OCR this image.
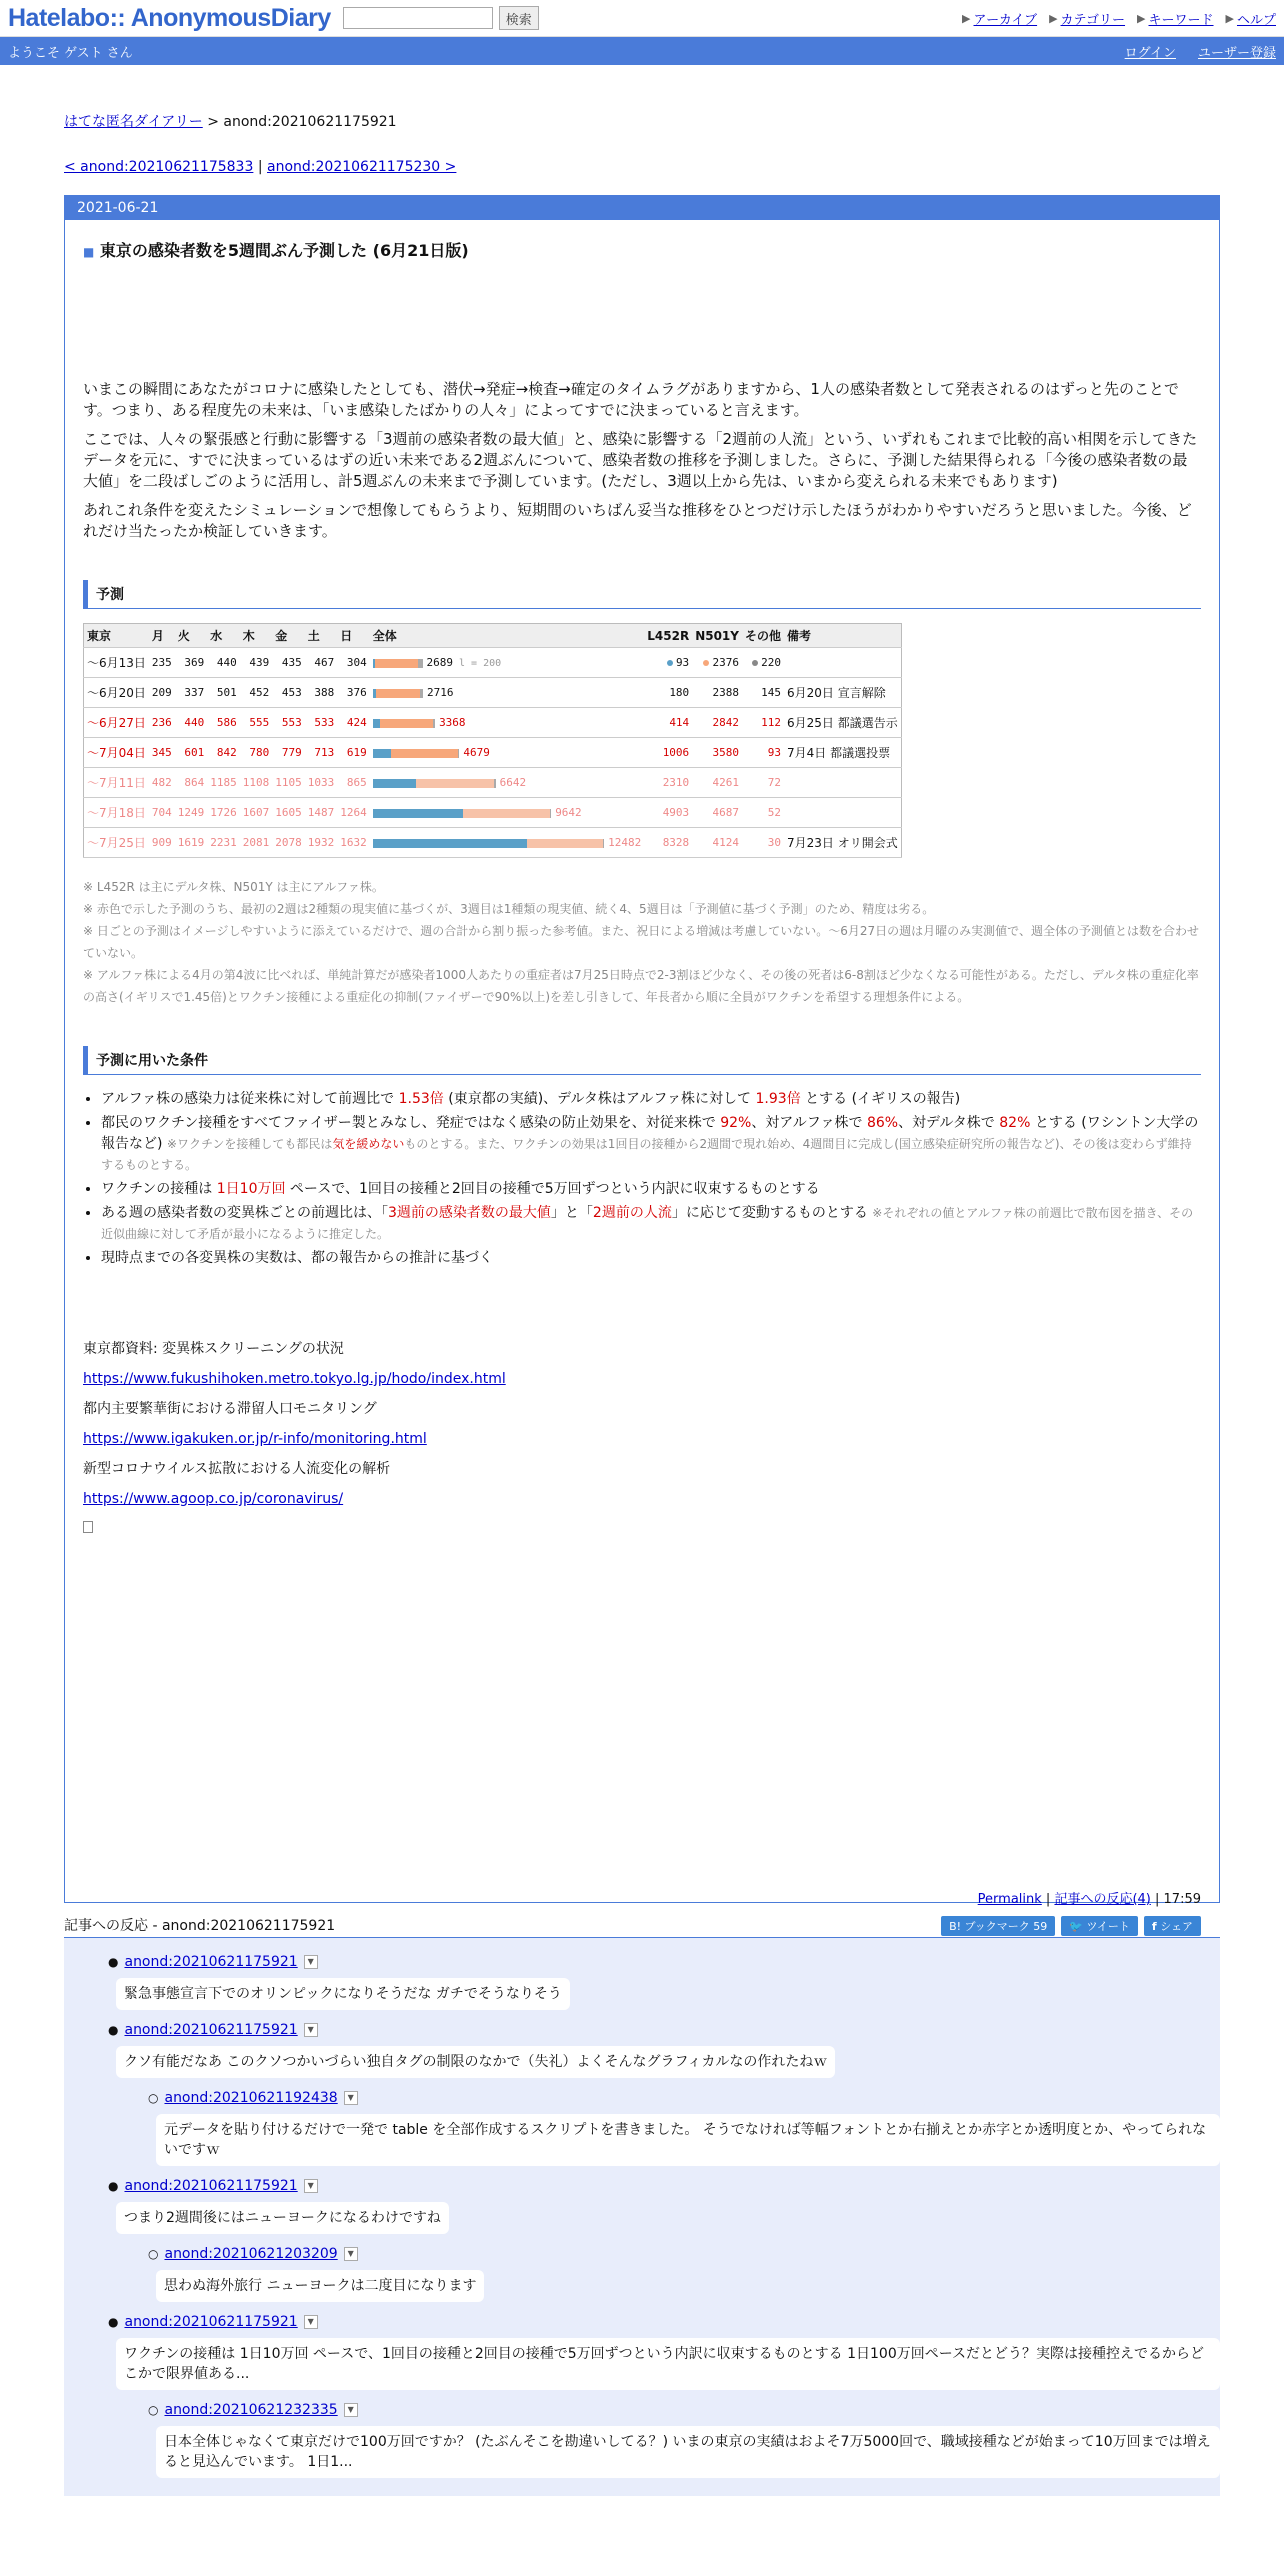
Hatelabo:: AnonymousDiary	検索	▶ アーカイブ ▶ カテゴリー ▶ キーワード ▶ ヘルプ
ようこそ ゲスト さん	ログイン ユーザー登録
はてな匿名ダイアリー > anond:20210621175921
< anond:20210621175833 | anond:20210621175230 >
2021-06-21
■ 東京の感染者数を5週間ぶん予測した (6月21日版)

いまこの瞬間にあなたがコロナに感染したとしても、潜伏→発症→検査→確定のタイムラグがありますから、1人の感染者数として発表されるのはずっと先のことです。つまり、ある程度先の未来は、「いま感染したばかりの人々」によってすでに決まっていると言えます。

ここでは、人々の緊張感と行動に影響する「3週前の感染者数の最大値」と、感染に影響する「2週前の人流」という、いずれもこれまで比較的高い相関を示してきたデータを元に、すでに決まっているはずの近い未来である2週ぶんについて、感染者数の推移を予測しました。さらに、予測した結果得られる「今後の感染者数の最大値」を二段ばしごのように活用し、計5週ぶんの未来まで予測しています。(ただし、3週以上から先は、いまから変えられる未来でもあります)

あれこれ条件を変えたシミュレーションで想像してもらうより、短期間のいちばん妥当な推移をひとつだけ示したほうがわかりやすいだろうと思いました。今後、どれだけ当たったか検証していきます。

予測
東京	月	火	水	木	金	土	日	全体	L452R	N501Y	その他	備考
～6月13日	235	369	440	439	435	467	304	2689 l = 200	93	2376	220	
～6月20日	209	337	501	452	453	388	376	2716	180	2388	145	6月20日 宣言解除
～6月27日	236	440	586	555	553	533	424	3368	414	2842	112	6月25日 都議選告示
～7月04日	345	601	842	780	779	713	619	4679	1006	3580	93	7月4日 都議選投票
～7月11日	482	864	1185	1108	1105	1033	865	6642	2310	4261	72	
～7月18日	704	1249	1726	1607	1605	1487	1264	9642	4903	4687	52	
～7月25日	909	1619	2231	2081	2078	1932	1632	12482	8328	4124	30	7月23日 オリ開会式
※ L452R は主にデルタ株、N501Y は主にアルファ株。
※ 赤色で示した予測のうち、最初の2週は2種類の現実値に基づくが、3週目は1種類の現実値、続く4、5週目は「予測値に基づく予測」のため、精度は劣る。
※ 日ごとの予測はイメージしやすいように添えているだけで、週の合計から割り振った参考値。また、祝日による増減は考慮していない。～6月27日の週は月曜のみ実測値で、週全体の予測値とは数を合わせていない。
※ アルファ株による4月の第4波に比べれば、単純計算だが感染者1000人あたりの重症者は7月25日時点で2-3割ほど少なく、その後の死者は6-8割ほど少なくなる可能性がある。ただし、デルタ株の重症化率の高さ(イギリスで1.45倍)とワクチン接種による重症化の抑制(ファイザーで90%以上)を差し引きして、年長者から順に全員がワクチンを希望する理想条件による。
予測に用いた条件
• アルファ株の感染力は従来株に対して前週比で 1.53倍 (東京都の実績)、デルタ株はアルファ株に対して 1.93倍 とする (イギリスの報告)
• 都民のワクチン接種をすべてファイザー製とみなし、発症ではなく感染の防止効果を、対従来株で 92%、対アルファ株で 86%、対デルタ株で 82% とする (ワシントン大学の報告など) ※ワクチンを接種しても都民は気を緩めないものとする。また、ワクチンの効果は1回目の接種から2週間で現れ始め、4週間目に完成し(国立感染症研究所の報告など)、その後は変わらず維持するものとする。
• ワクチンの接種は 1日10万回 ペースで、1回目の接種と2回目の接種で5万回ずつという内訳に収束するものとする
• ある週の感染者数の変異株ごとの前週比は、「3週前の感染者数の最大値」と「2週前の人流」に応じて変動するものとする ※それぞれの値とアルファ株の前週比で散布図を描き、その近似曲線に対して矛盾が最小になるように推定した。
• 現時点までの各変異株の実数は、都の報告からの推計に基づく

東京都資料: 変異株スクリーニングの状況

https://www.fukushihoken.metro.tokyo.lg.jp/hodo/index.html

都内主要繁華街における滞留人口モニタリング

https://www.igakuken.or.jp/r-info/monitoring.html

新型コロナウイルス拡散における人流変化の解析

https://www.agoop.co.jp/coronavirus/

Permalink | 記事への反応(4) | 17:59
B! ブックマーク 59	🐦 ツイート	f シェア
記事への反応 - anond:20210621175921
● anond:20210621175921	▼
緊急事態宣言下でのオリンピックになりそうだな ガチでそうなりそう
● anond:20210621175921	▼
クソ有能だなあ このクソつかいづらい独自タグの制限のなかで（失礼）よくそんなグラフィカルなの作れたねｗ
○ anond:20210621192438	▼
元データを貼り付けるだけで一発で table を全部作成するスクリプトを書きました。 そうでなければ等幅フォントとか右揃えとか赤字とか透明度とか、やってられないですｗ
● anond:20210621175921	▼
つまり2週間後にはニューヨークになるわけですね
○ anond:20210621203209	▼
思わぬ海外旅行 ニューヨークは二度目になります
● anond:20210621175921	▼
ワクチンの接種は 1日10万回 ペースで、1回目の接種と2回目の接種で5万回ずつという内訳に収束するものとする 1日100万回ペースだとどう？実際は接種控えでるからどこかで限界値ある...
○ anond:20210621232335	▼
日本全体じゃなくて東京だけで100万回ですか？ (たぶんそこを勘違いしてる？) いまの東京の実績はおよそ7万5000回で、職域接種などが始まって10万回までは増えると見込んでいます。 1日1...
